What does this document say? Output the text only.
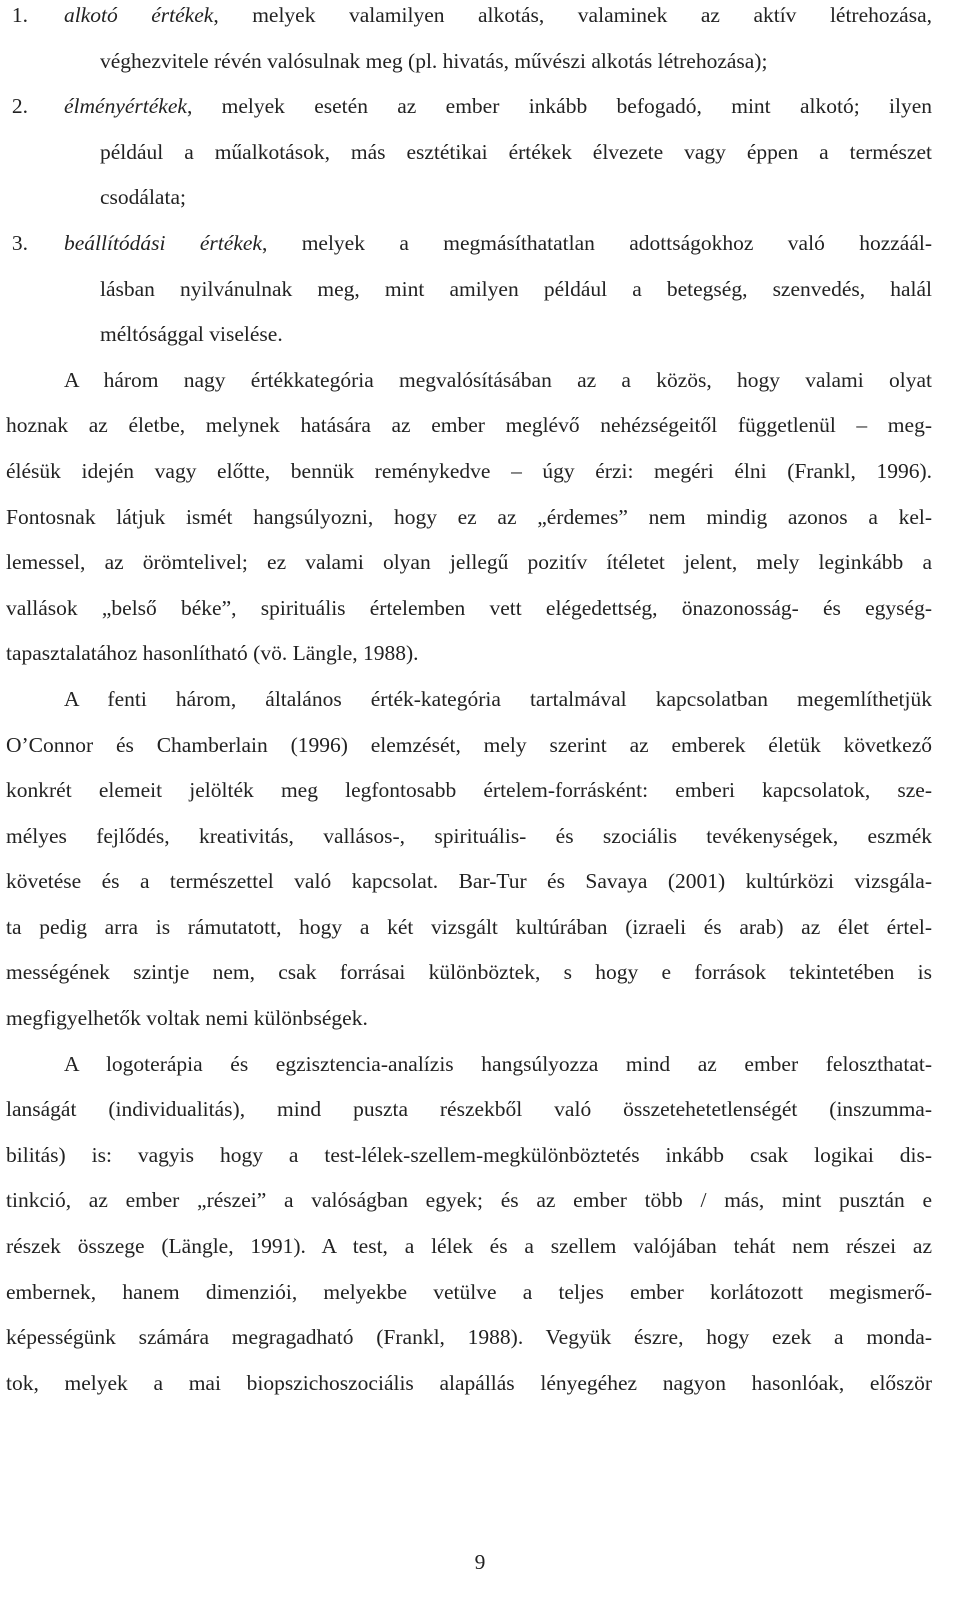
1.	alkotó értékek, melyek valamilyen alkotás, valaminek az aktív létrehozása,
véghezvitele révén valósulnak meg (pl. hivatás, művészi alkotás létrehozása);
2.	élményértékek, melyek esetén az ember inkább befogadó, mint alkotó; ilyen
például a műalkotások, más esztétikai értékek élvezete vagy éppen a természet
csodálata;
3.	beállítódási értékek, melyek a megmásíthatatlan adottságokhoz való hozzáál-
lásban nyilvánulnak meg, mint amilyen például a betegség, szenvedés, halál
méltósággal viselése.
A három nagy értékkategória megvalósításában az a közös, hogy valami olyat
hoznak az életbe, melynek hatására az ember meglévő nehézségeitől függetlenül – meg-
élésük idején vagy előtte, bennük reménykedve – úgy érzi: megéri élni (Frankl, 1996).
Fontosnak látjuk ismét hangsúlyozni, hogy ez az „érdemes” nem mindig azonos a kel-
lemessel, az örömtelivel; ez valami olyan jellegű pozitív ítéletet jelent, mely leginkább a
vallások „belső béke”, spirituális értelemben vett elégedettség, önazonosság- és egység-
tapasztalatához hasonlítható (vö. Längle, 1988).
A fenti három, általános érték-kategória tartalmával kapcsolatban megemlíthetjük
O’Connor és Chamberlain (1996) elemzését, mely szerint az emberek életük következő
konkrét elemeit jelölték meg legfontosabb értelem-forrásként: emberi kapcsolatok, sze-
mélyes fejlődés, kreativitás, vallásos-, spirituális- és szociális tevékenységek, eszmék
követése és a természettel való kapcsolat. Bar-Tur és Savaya (2001) kultúrközi vizsgála-
ta pedig arra is rámutatott, hogy a két vizsgált kultúrában (izraeli és arab) az élet értel-
mességének szintje nem, csak forrásai különböztek, s hogy e források tekintetében is
megfigyelhetők voltak nemi különbségek.
A logoterápia és egzisztencia-analízis hangsúlyozza mind az ember feloszthatat-
lanságát (individualitás), mind puszta részekből való összetehetetlenségét (inszumma-
bilitás) is: vagyis hogy a test-lélek-szellem-megkülönböztetés inkább csak logikai dis-
tinkció, az ember „részei” a valóságban egyek; és az ember több / más, mint pusztán e
részek összege (Längle, 1991). A test, a lélek és a szellem valójában tehát nem részei az
embernek, hanem dimenziói, melyekbe vetülve a teljes ember korlátozott megismerő-
képességünk számára megragadható (Frankl, 1988). Vegyük észre, hogy ezek a monda-
tok, melyek a mai biopszichoszociális alapállás lényegéhez nagyon hasonlóak, először
9
